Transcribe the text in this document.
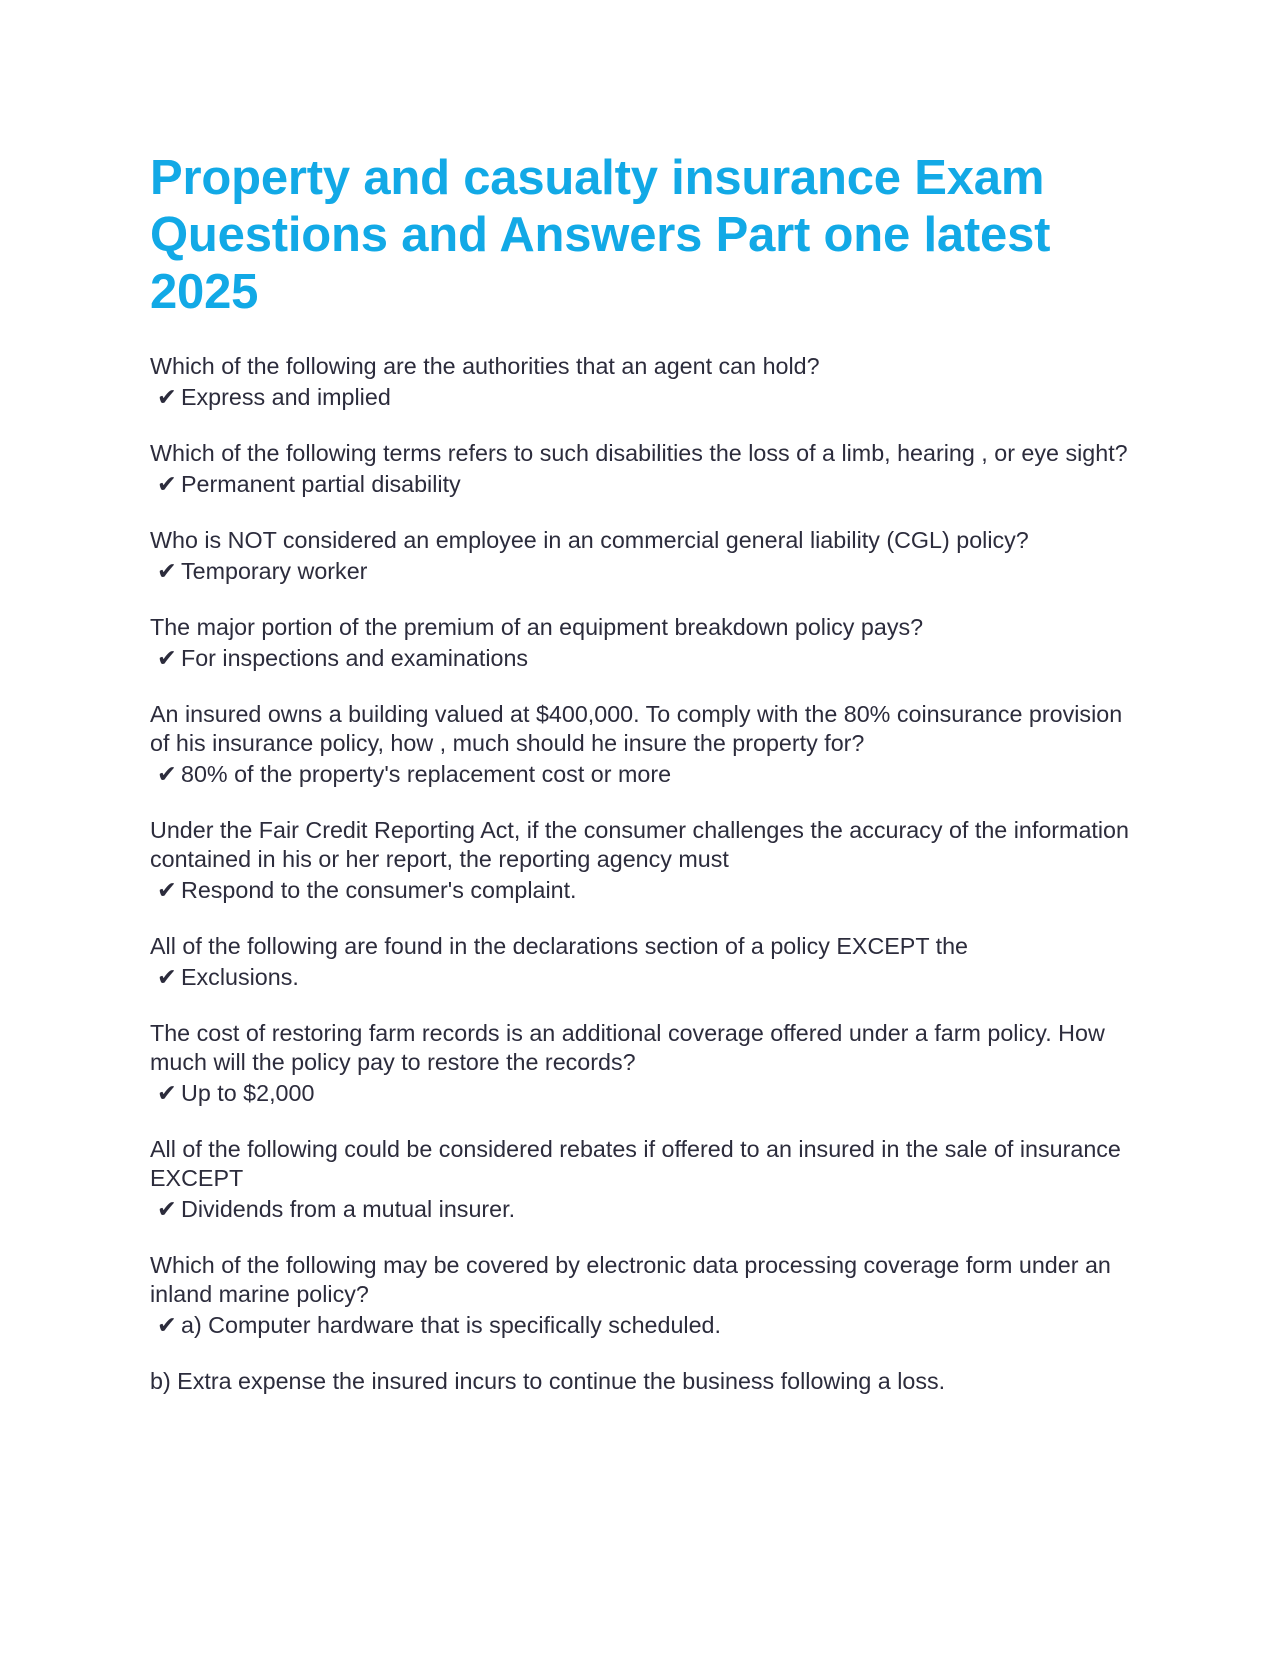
Property and casualty insurance Exam Questions and Answers Part one latest 2025

Which of the following are the authorities that an agent can hold?

✔ Express and implied

Which of the following terms refers to such disabilities the loss of a limb, hearing , or eye sight?

✔ Permanent partial disability

Who is NOT considered an employee in an commercial general liability (CGL) policy?

✔ Temporary worker

The major portion of the premium of an equipment breakdown policy pays?

✔ For inspections and examinations

An insured owns a building valued at $400,000. To comply with the 80% coinsurance provision of his insurance policy, how , much should he insure the property for?

✔ 80% of the property's replacement cost or more

Under the Fair Credit Reporting Act, if the consumer challenges the accuracy of the information contained in his or her report, the reporting agency must

✔ Respond to the consumer's complaint.

All of the following are found in the declarations section of a policy EXCEPT the

✔ Exclusions.

The cost of restoring farm records is an additional coverage offered under a farm policy. How much will the policy pay to restore the records?

✔ Up to $2,000

All of the following could be considered rebates if offered to an insured in the sale of insurance EXCEPT

✔ Dividends from a mutual insurer.

Which of the following may be covered by electronic data processing coverage form under an inland marine policy?

✔ a) Computer hardware that is specifically scheduled.

b) Extra expense the insured incurs to continue the business following a loss.
